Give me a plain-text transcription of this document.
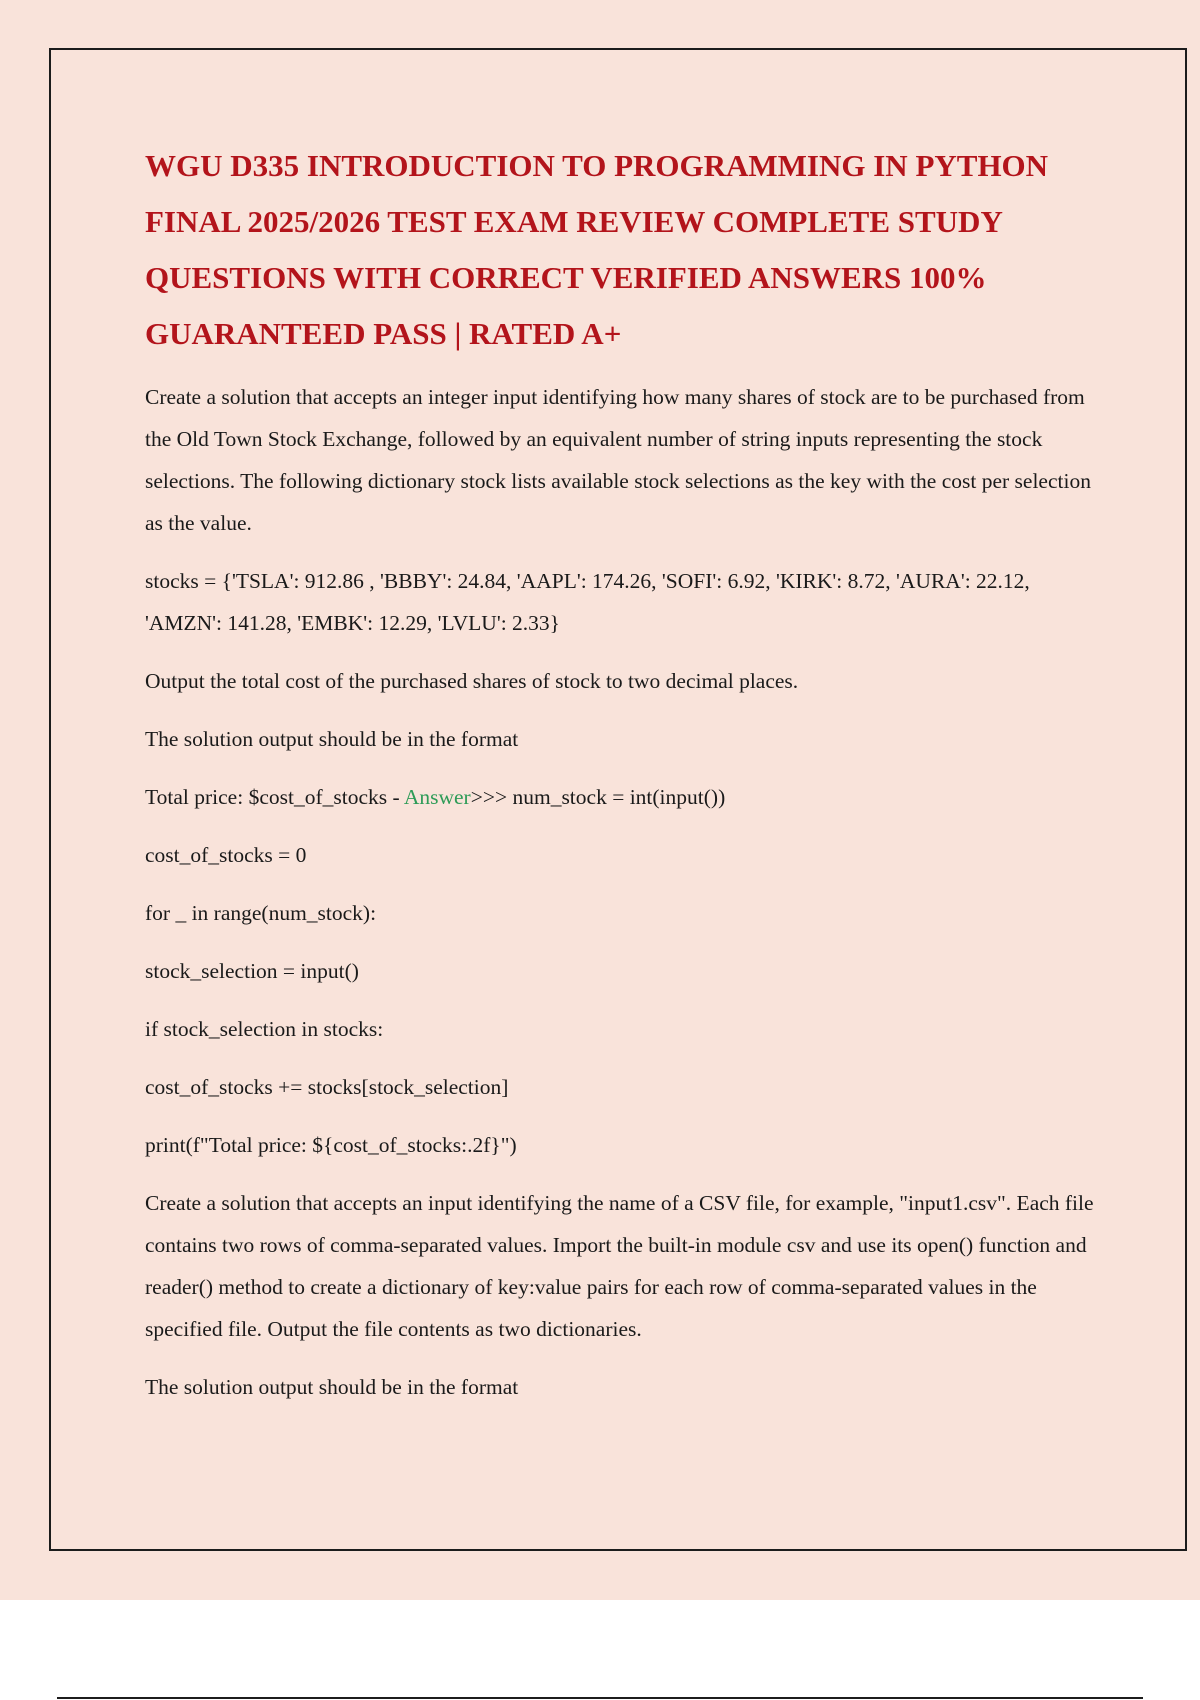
WGU D335 INTRODUCTION TO PROGRAMMING IN PYTHON FINAL 2025/2026 TEST EXAM REVIEW COMPLETE STUDY QUESTIONS WITH CORRECT VERIFIED ANSWERS 100% GUARANTEED PASS | RATED A+

Create a solution that accepts an integer input identifying how many shares of stock are to be purchased from the Old Town Stock Exchange, followed by an equivalent number of string inputs representing the stock selections. The following dictionary stock lists available stock selections as the key with the cost per selection as the value.

stocks = {'TSLA': 912.86 , 'BBBY': 24.84, 'AAPL': 174.26, 'SOFI': 6.92, 'KIRK': 8.72, 'AURA': 22.12, 'AMZN': 141.28, 'EMBK': 12.29, 'LVLU': 2.33}

Output the total cost of the purchased shares of stock to two decimal places.

The solution output should be in the format

Total price: $cost_of_stocks - Answer>>> num_stock = int(input())

cost_of_stocks = 0

for _ in range(num_stock):

stock_selection = input()

if stock_selection in stocks:

cost_of_stocks += stocks[stock_selection]

print(f"Total price: ${cost_of_stocks:.2f}")

Create a solution that accepts an input identifying the name of a CSV file, for example, "input1.csv". Each file contains two rows of comma-separated values. Import the built-in module csv and use its open() function and reader() method to create a dictionary of key:value pairs for each row of comma-separated values in the specified file. Output the file contents as two dictionaries.

The solution output should be in the format
